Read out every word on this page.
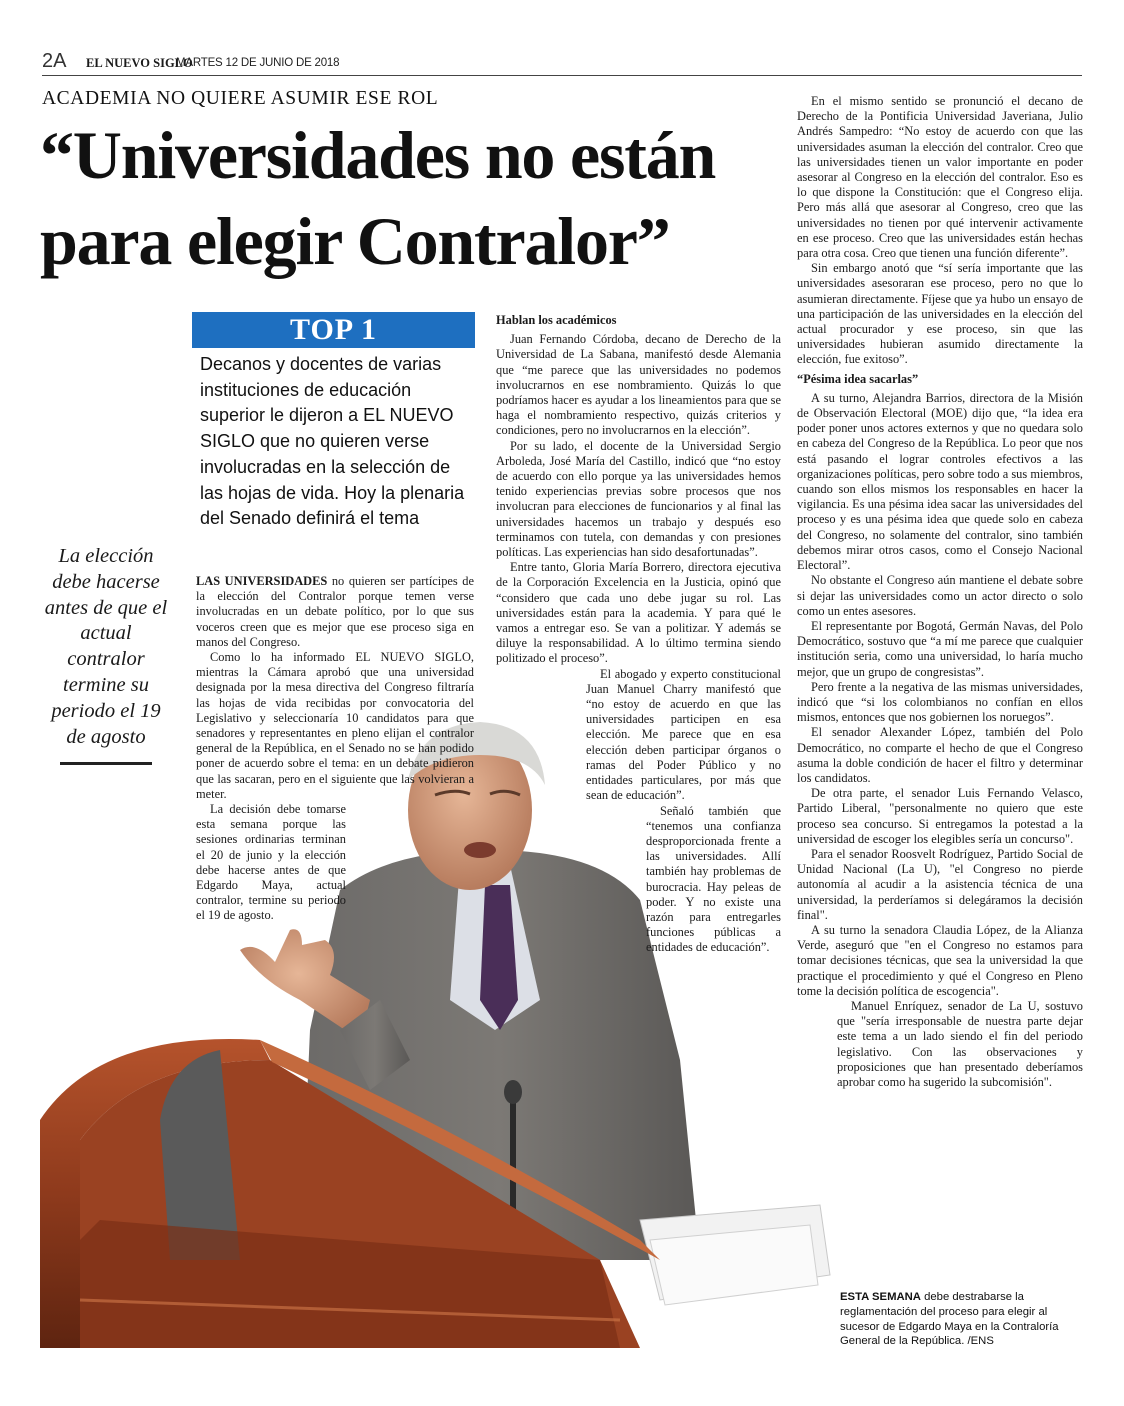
2A EL NUEVO SIGLO
MARTES 12 DE JUNIO DE 2018
ACADEMIA NO QUIERE ASUMIR ESE ROL
“Universidades no están para elegir Contralor”
TOP 1
Decanos y docentes de varias instituciones de educación superior le dijeron a EL NUEVO SIGLO que no quieren verse involucradas en la selección de las hojas de vida. Hoy la plenaria del Senado definirá el tema
La elección debe hacerse antes de que el actual contralor termine su periodo el 19 de agosto

LAS UNIVERSIDADES no quieren ser partícipes de la elección del Contralor porque temen verse involucradas en un debate político, por lo que sus voceros creen que es mejor que ese proceso siga en manos del Congreso.

Como lo ha informado EL NUEVO SIGLO, mientras la Cámara aprobó que una universidad designada por la mesa directiva del Congreso filtraría las hojas de vida recibidas por convocatoria del Legislativo y seleccionaría 10 candidatos para que senadores y representantes en pleno elijan el contralor general de la República, en el Senado no se han podido poner de acuerdo sobre el tema: en un debate pidieron que las sacaran, pero en el siguiente que las volvieran a meter.

La decisión debe tomarse esta semana porque las sesiones ordinarias terminan el 20 de junio y la elección debe hacerse antes de que Edgardo Maya, actual contralor, termine su periodo el 19 de agosto.

Hablan los académicos

Juan Fernando Córdoba, decano de Derecho de la Universidad de La Sabana, manifestó desde Alemania que “me parece que las universidades no podemos involucrarnos en ese nombramiento. Quizás lo que podríamos hacer es ayudar a los lineamientos para que se haga el nombramiento respectivo, quizás criterios y condiciones, pero no involucrarnos en la elección”.

Por su lado, el docente de la Universidad Sergio Arboleda, José María del Castillo, indicó que “no estoy de acuerdo con ello porque ya las universidades hemos tenido experiencias previas sobre procesos que nos involucran para elecciones de funcionarios y al final las universidades hacemos un trabajo y después eso terminamos con tutela, con demandas y con presiones políticas. Las experiencias han sido desafortunadas”.

Entre tanto, Gloria María Borrero, directora ejecutiva de la Corporación Excelencia en la Justicia, opinó que “considero que cada uno debe jugar su rol. Las universidades están para la academia. Y para qué le vamos a entregar eso. Se van a politizar. Y además se diluye la responsabilidad. A lo último termina siendo politizado el proceso”.

El abogado y experto constitucional Juan Manuel Charry manifestó que “no estoy de acuerdo en que las universidades participen en esa elección. Me parece que en esa elección deben participar órganos o ramas del Poder Público y no entidades particulares, por más que sean de educación”.

Señaló también que “tenemos una confianza desproporcionada frente a las universidades. Allí también hay problemas de burocracia. Hay peleas de poder. Y no existe una razón para entregarles funciones públicas a entidades de educación”.

En el mismo sentido se pronunció el decano de Derecho de la Pontificia Universidad Javeriana, Julio Andrés Sampedro: “No estoy de acuerdo con que las universidades asuman la elección del contralor. Creo que las universidades tienen un valor importante en poder asesorar al Congreso en la elección del contralor. Eso es lo que dispone la Constitución: que el Congreso elija. Pero más allá que asesorar al Congreso, creo que las universidades no tienen por qué intervenir activamente en ese proceso. Creo que las universidades están hechas para otra cosa. Creo que tienen una función diferente”.

Sin embargo anotó que “sí sería importante que las universidades asesoraran ese proceso, pero no que lo asumieran directamente. Fíjese que ya hubo un ensayo de una participación de las universidades en la elección del actual procurador y ese proceso, sin que las universidades hubieran asumido directamente la elección, fue exitoso”.

“Pésima idea sacarlas”

A su turno, Alejandra Barrios, directora de la Misión de Observación Electoral (MOE) dijo que, “la idea era poder poner unos actores externos y que no quedara solo en cabeza del Congreso de la República. Lo peor que nos está pasando el lograr controles efectivos a las organizaciones políticas, pero sobre todo a sus miembros, cuando son ellos mismos los responsables en hacer la vigilancia. Es una pésima idea sacar las universidades del proceso y es una pésima idea que quede solo en cabeza del Congreso, no solamente del contralor, sino también debemos mirar otros casos, como el Consejo Nacional Electoral”.

No obstante el Congreso aún mantiene el debate sobre si dejar las universidades como un actor directo o solo como un entes asesores.

El representante por Bogotá, Germán Navas, del Polo Democrático, sostuvo que “a mí me parece que cualquier institución seria, como una universidad, lo haría mucho mejor, que un grupo de congresistas”.

Pero frente a la negativa de las mismas universidades, indicó que “si los colombianos no confían en ellos mismos, entonces que nos gobiernen los noruegos”.

El senador Alexander López, también del Polo Democrático, no comparte el hecho de que el Congreso asuma la doble condición de hacer el filtro y determinar los candidatos.

De otra parte, el senador Luis Fernando Velasco, Partido Liberal, "personalmente no quiero que este proceso sea concurso. Si entregamos la potestad a la universidad de escoger los elegibles sería un concurso".

Para el senador Roosvelt Rodríguez, Partido Social de Unidad Nacional (La U), "el Congreso no pierde autonomía al acudir a la asistencia técnica de una universidad, la perderíamos si delegáramos la decisión final".

A su turno la senadora Claudia López, de la Alianza Verde, aseguró que "en el Congreso no estamos para tomar decisiones técnicas, que sea la universidad la que practique el procedimiento y qué el Congreso en Pleno tome la decisión política de escogencia".

Manuel Enríquez, senador de La U, sostuvo que "sería irresponsable de nuestra parte dejar este tema a un lado siendo el fin del periodo legislativo. Con las observaciones y proposiciones que han presentado deberíamos aprobar como ha sugerido la subcomisión".

ESTA SEMANA debe destrabarse la reglamentación del proceso para elegir al sucesor de Edgardo Maya en la Contraloría General de la República. /ENS
